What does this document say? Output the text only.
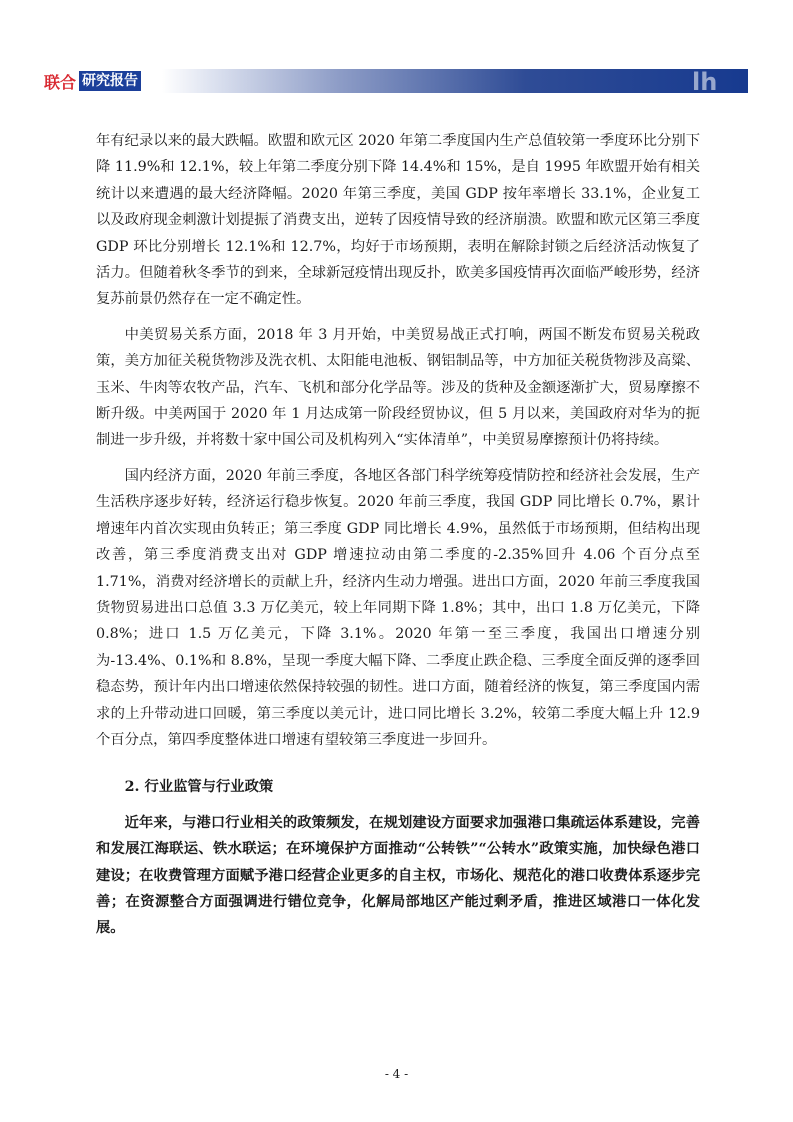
联合 研究报告	lh

年有纪录以来的最大跌幅。欧盟和欧元区 2020 年第二季度国内生产总值较第一季度环比分别下降 11.9%和 12.1%，较上年第二季度分别下降 14.4%和 15%，是自 1995 年欧盟开始有相关统计以来遭遇的最大经济降幅。2020 年第三季度，美国 GDP 按年率增长 33.1%，企业复工以及政府现金刺激计划提振了消费支出，逆转了因疫情导致的经济崩溃。欧盟和欧元区第三季度 GDP 环比分别增长 12.1%和 12.7%，均好于市场预期，表明在解除封锁之后经济活动恢复了活力。但随着秋冬季节的到来，全球新冠疫情出现反扑，欧美多国疫情再次面临严峻形势，经济复苏前景仍然存在一定不确定性。

中美贸易关系方面，2018 年 3 月开始，中美贸易战正式打响，两国不断发布贸易关税政策，美方加征关税货物涉及洗衣机、太阳能电池板、钢铝制品等，中方加征关税货物涉及高粱、玉米、牛肉等农牧产品，汽车、飞机和部分化学品等。涉及的货种及金额逐渐扩大，贸易摩擦不断升级。中美两国于 2020 年 1 月达成第一阶段经贸协议，但 5 月以来，美国政府对华为的扼制进一步升级，并将数十家中国公司及机构列入“实体清单”，中美贸易摩擦预计仍将持续。

国内经济方面，2020 年前三季度，各地区各部门科学统筹疫情防控和经济社会发展，生产生活秩序逐步好转，经济运行稳步恢复。2020 年前三季度，我国 GDP 同比增长 0.7%，累计增速年内首次实现由负转正；第三季度 GDP 同比增长 4.9%，虽然低于市场预期，但结构出现改善，第三季度消费支出对 GDP 增速拉动由第二季度的-2.35%回升 4.06 个百分点至 1.71%，消费对经济增长的贡献上升，经济内生动力增强。进出口方面，2020 年前三季度我国货物贸易进出口总值 3.3 万亿美元，较上年同期下降 1.8%；其中，出口 1.8 万亿美元，下降 0.8%；进口 1.5 万亿美元，下降 3.1%。2020 年第一至三季度，我国出口增速分别为-13.4%、0.1%和 8.8%，呈现一季度大幅下降、二季度止跌企稳、三季度全面反弹的逐季回稳态势，预计年内出口增速依然保持较强的韧性。进口方面，随着经济的恢复，第三季度国内需求的上升带动进口回暖，第三季度以美元计，进口同比增长 3.2%，较第二季度大幅上升 12.9 个百分点，第四季度整体进口增速有望较第三季度进一步回升。

2. 行业监管与行业政策

近年来，与港口行业相关的政策频发，在规划建设方面要求加强港口集疏运体系建设，完善和发展江海联运、铁水联运；在环境保护方面推动“公转铁”“公转水”政策实施，加快绿色港口建设；在收费管理方面赋予港口经营企业更多的自主权，市场化、规范化的港口收费体系逐步完善；在资源整合方面强调进行错位竞争，化解局部地区产能过剩矛盾，推进区域港口一体化发展。

- 4 -
